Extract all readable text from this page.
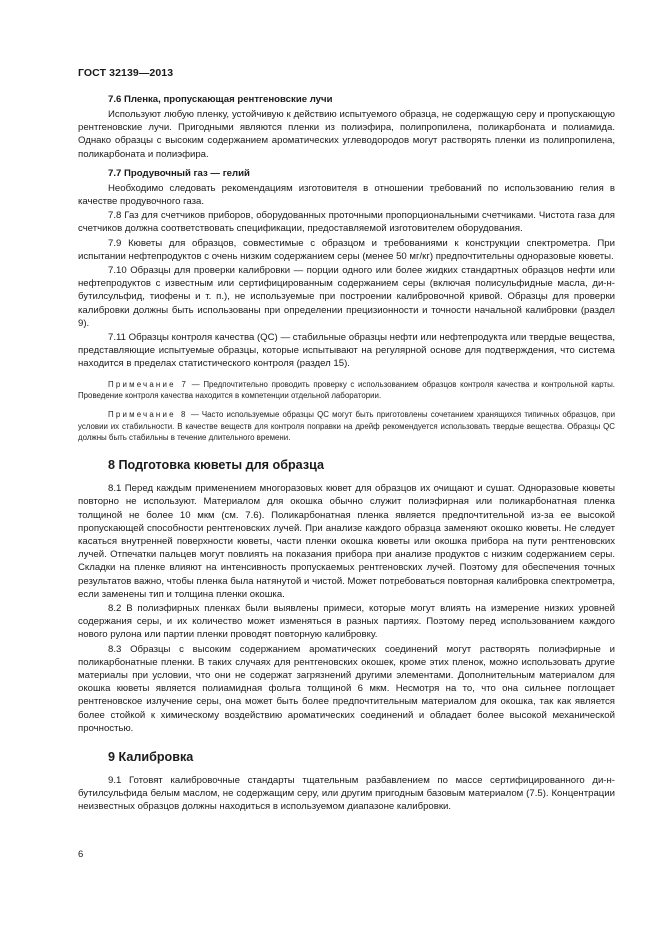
ГОСТ 32139—2013
7.6 Пленка, пропускающая рентгеновские лучи

Используют любую пленку, устойчивую к действию испытуемого образца, не содержащую серу и пропускающую рентгеновские лучи. Пригодными являются пленки из полиэфира, полипропилена, поликарбоната и полиамида. Однако образцы с высоким содержанием ароматических углеводородов могут растворять пленки из полипропилена, поликарбоната и полиэфира.

7.7 Продувочный газ — гелий

Необходимо следовать рекомендациям изготовителя в отношении требований по использованию гелия в качестве продувочного газа.

7.8 Газ для счетчиков приборов, оборудованных проточными пропорциональными счетчиками. Чистота газа для счетчиков должна соответствовать спецификации, предоставляемой изготовителем оборудования.

7.9 Кюветы для образцов, совместимые с образцом и требованиями к конструкции спектрометра. При испытании нефтепродуктов с очень низким содержанием серы (менее 50 мг/кг) предпочтительны одноразовые кюветы.

7.10 Образцы для проверки калибровки — порции одного или более жидких стандартных образцов нефти или нефтепродуктов с известным или сертифицированным содержанием серы (включая полисульфидные масла, ди-н-бутилсульфид, тиофены и т. п.), не используемые при построении калибровочной кривой. Образцы для проверки калибровки должны быть использованы при определении прецизионности и точности начальной калибровки (раздел 9).

7.11 Образцы контроля качества (QC) — стабильные образцы нефти или нефтепродукта или твердые вещества, представляющие испытуемые образцы, которые испытывают на регулярной основе для подтверждения, что система находится в пределах статистического контроля (раздел 15).

Примечание 7 — Предпочтительно проводить проверку с использованием образцов контроля качества и контрольной карты. Проведение контроля качества находится в компетенции отдельной лаборатории.

Примечание 8 — Часто используемые образцы QC могут быть приготовлены сочетанием хранящихся типичных образцов, при условии их стабильности. В качестве веществ для контроля поправки на дрейф рекомендуется использовать твердые вещества. Образцы QC должны быть стабильны в течение длительного времени.

8 Подготовка кюветы для образца

8.1 Перед каждым применением многоразовых кювет для образцов их очищают и сушат. Одноразовые кюветы повторно не используют. Материалом для окошка обычно служит полиэфирная или поликарбонатная пленка толщиной не более 10 мкм (см. 7.6). Поликарбонатная пленка является предпочтительной из-за ее высокой пропускающей способности рентгеновских лучей. При анализе каждого образца заменяют окошко кюветы. Не следует касаться внутренней поверхности кюветы, части пленки окошка кюветы или окошка прибора на пути рентгеновских лучей. Отпечатки пальцев могут повлиять на показания прибора при анализе продуктов с низким содержанием серы. Складки на пленке влияют на интенсивность пропускаемых рентгеновских лучей. Поэтому для обеспечения точных результатов важно, чтобы пленка была натянутой и чистой. Может потребоваться повторная калибровка спектрометра, если заменены тип и толщина пленки окошка.

8.2 В полиэфирных пленках были выявлены примеси, которые могут влиять на измерение низких уровней содержания серы, и их количество может изменяться в разных партиях. Поэтому перед использованием каждого нового рулона или партии пленки проводят повторную калибровку.

8.3 Образцы с высоким содержанием ароматических соединений могут растворять полиэфирные и поликарбонатные пленки. В таких случаях для рентгеновских окошек, кроме этих пленок, можно использовать другие материалы при условии, что они не содержат загрязнений другими элементами. Дополнительным материалом для окошка кюветы является полиамидная фольга толщиной 6 мкм. Несмотря на то, что она сильнее поглощает рентгеновское излучение серы, она может быть более предпочтительным материалом для окошка, так как является более стойкой к химическому воздействию ароматических соединений и обладает более высокой механической прочностью.

9 Калибровка

9.1 Готовят калибровочные стандарты тщательным разбавлением по массе сертифицированного ди-н-бутилсульфида белым маслом, не содержащим серу, или другим пригодным базовым материалом (7.5). Концентрации неизвестных образцов должны находиться в используемом диапазоне калибровки.

6
